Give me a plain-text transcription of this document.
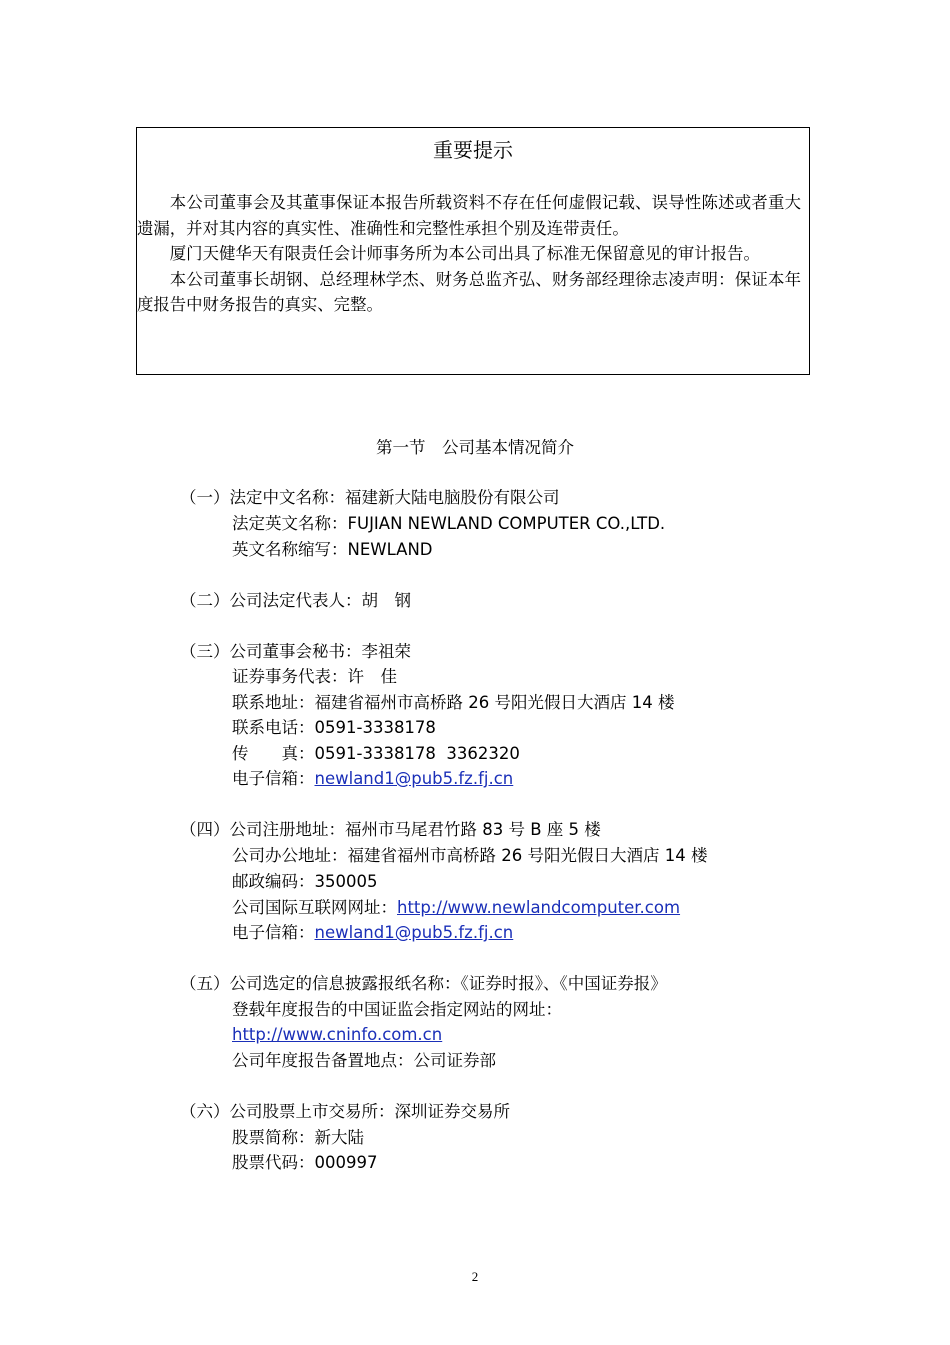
重要提示

本公司董事会及其董事保证本报告所载资料不存在任何虚假记载、误导性陈述或者重大遗漏，并对其内容的真实性、准确性和完整性承担个别及连带责任。

厦门天健华天有限责任会计师事务所为本公司出具了标准无保留意见的审计报告。

本公司董事长胡钢、总经理林学杰、财务总监齐弘、财务部经理徐志凌声明：保证本年度报告中财务报告的真实、完整。

第一节　公司基本情况简介
（一）法定中文名称：福建新大陆电脑股份有限公司
法定英文名称：FUJIAN NEWLAND COMPUTER CO.,LTD.
英文名称缩写：NEWLAND
（二）公司法定代表人：胡　钢
（三）公司董事会秘书：李祖荣
证券事务代表：许　佳
联系地址：福建省福州市高桥路 26 号阳光假日大酒店 14 楼
联系电话：0591-3338178
传　　真：0591-3338178  3362320
电子信箱：newland1@pub5.fz.fj.cn
（四）公司注册地址：福州市马尾君竹路 83 号 B 座 5 楼
公司办公地址：福建省福州市高桥路 26 号阳光假日大酒店 14 楼
邮政编码：350005
公司国际互联网网址：http://www.newlandcomputer.com
电子信箱：newland1@pub5.fz.fj.cn
（五）公司选定的信息披露报纸名称：《证券时报》、《中国证券报》
登载年度报告的中国证监会指定网站的网址：
http://www.cninfo.com.cn
公司年度报告备置地点：公司证券部
（六）公司股票上市交易所：深圳证券交易所
股票简称：新大陆
股票代码：000997
2
